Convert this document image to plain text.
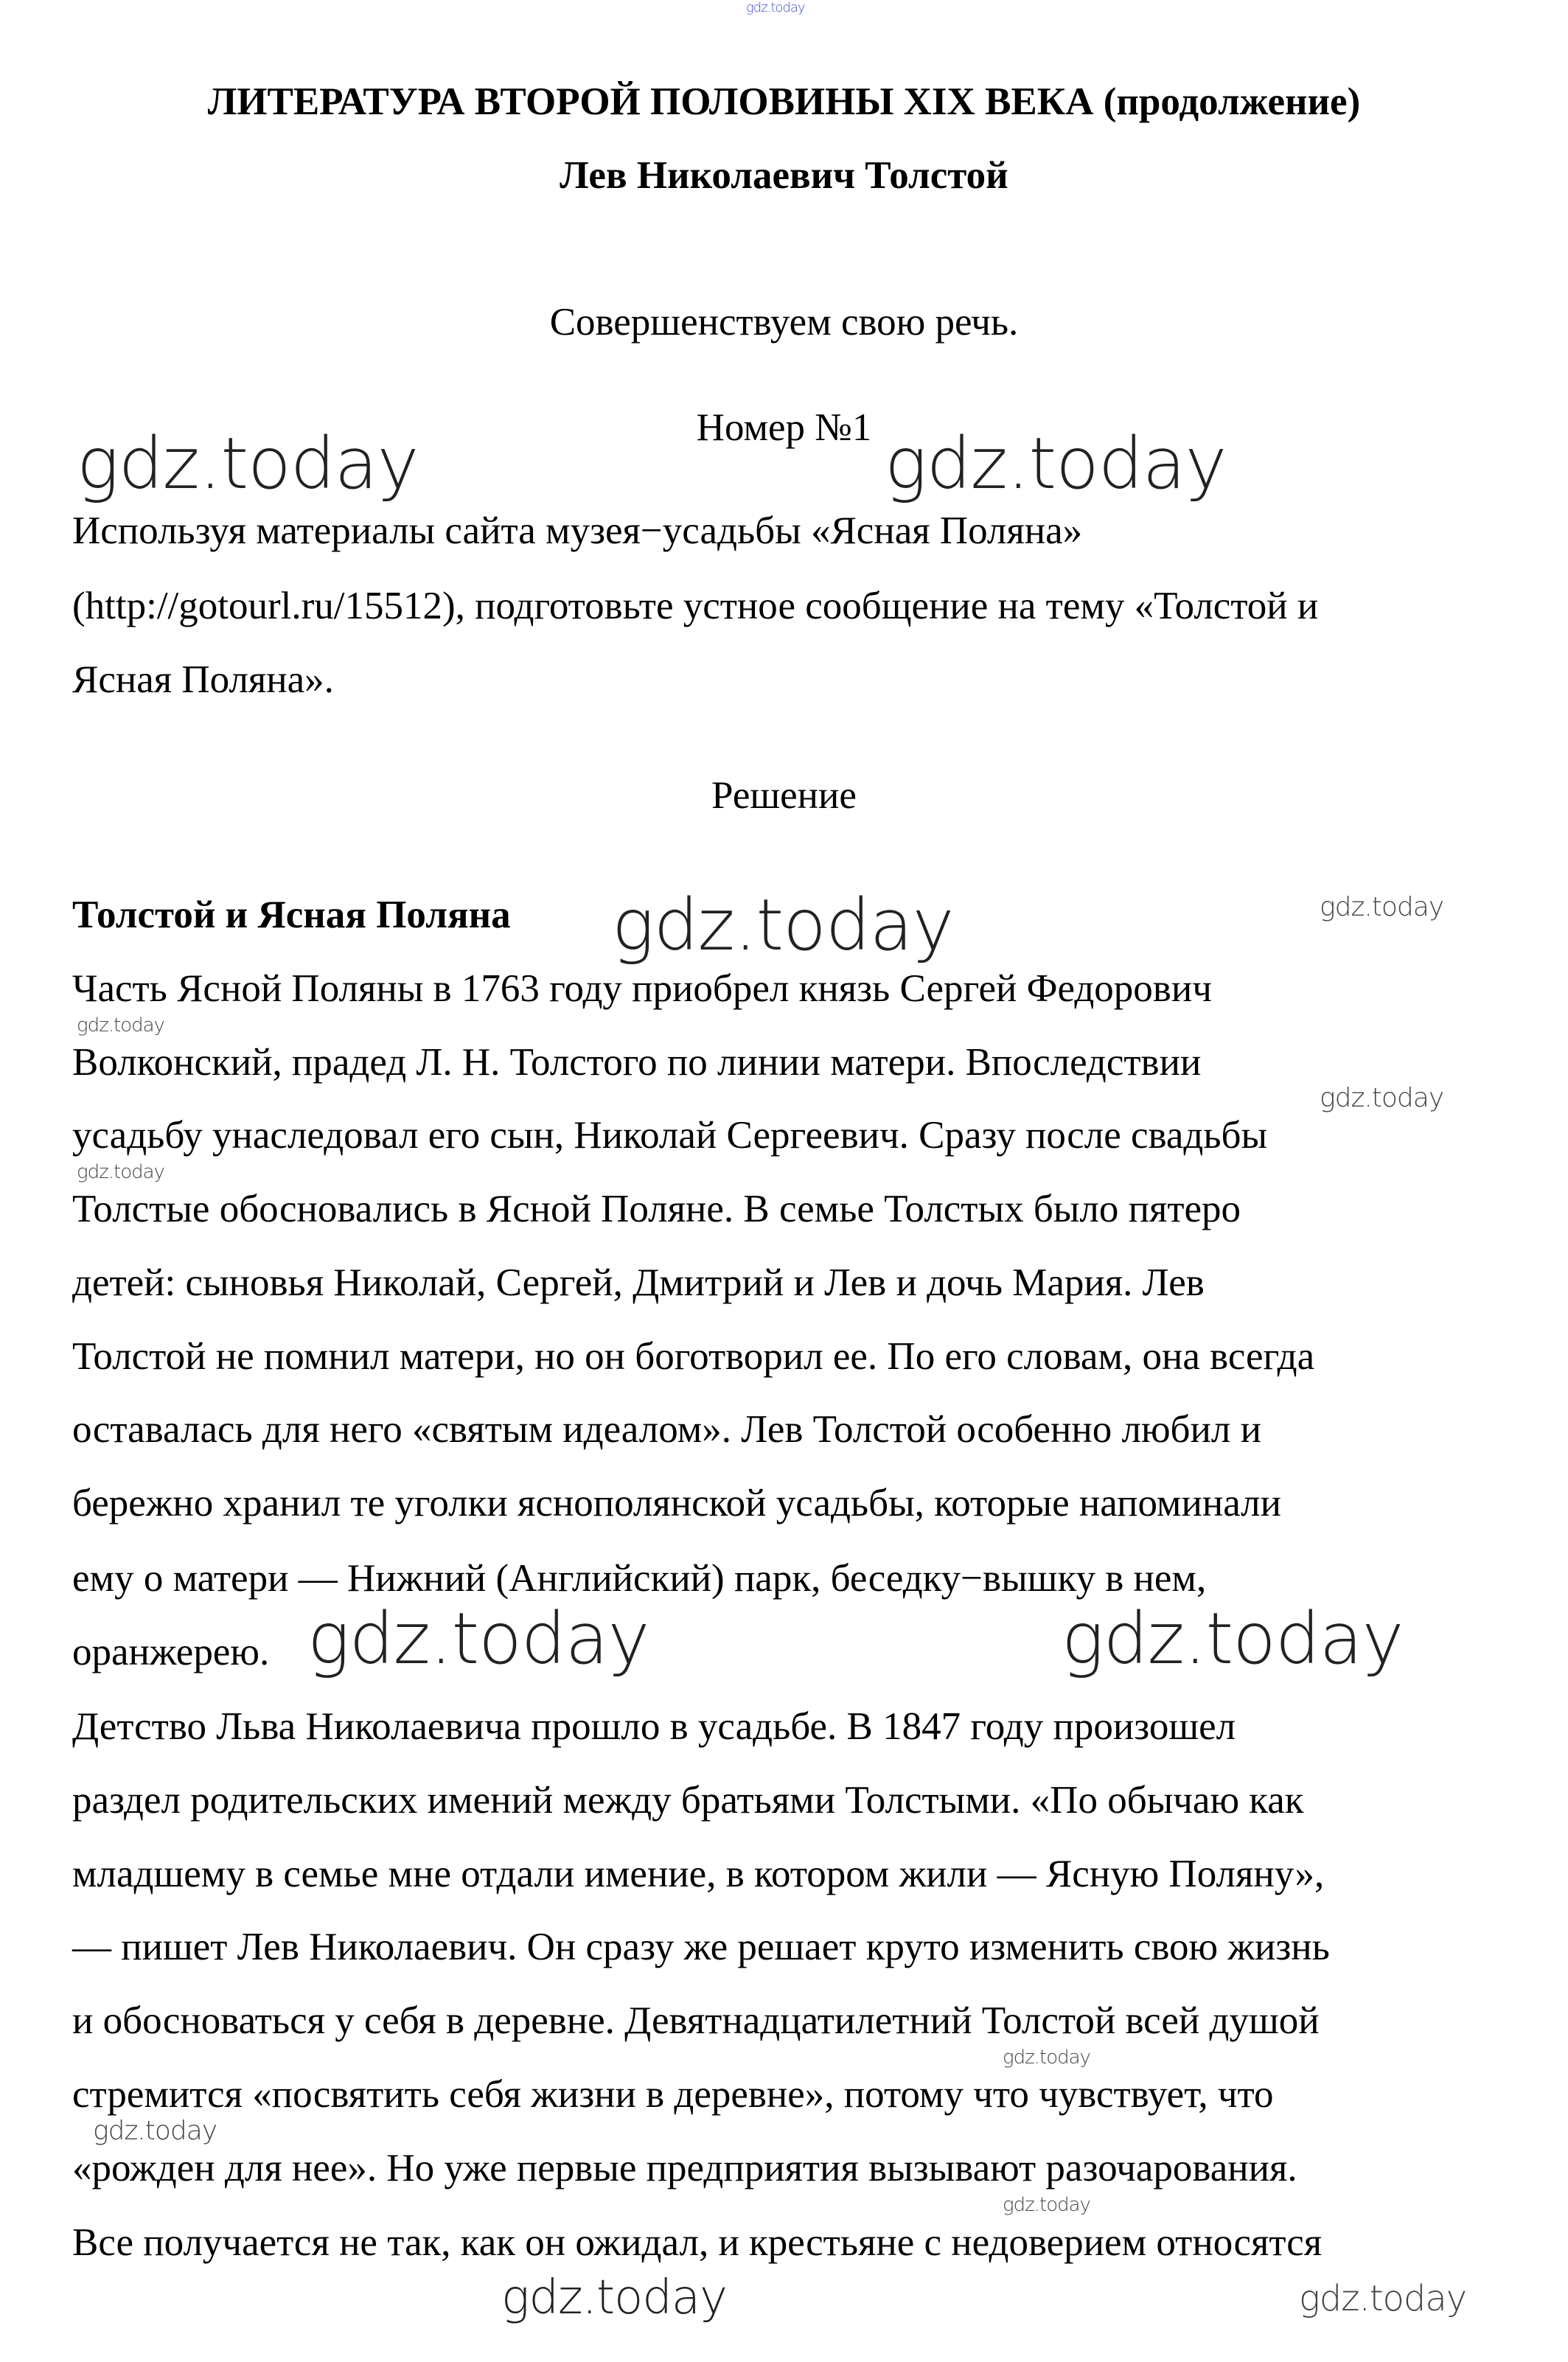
gdz.today
ЛИТЕРАТУРА ВТОРОЙ ПОЛОВИНЫ XIX ВЕКА (продолжение)
Лев Николаевич Толстой
Совершенствуем свою речь.
Номер №1
Используя материалы сайта музея−усадьбы «Ясная Поляна»
(http://gotourl.ru/15512), подготовьте устное сообщение на тему «Толстой и
Ясная Поляна».
Решение
Толстой и Ясная Поляна
Часть Ясной Поляны в 1763 году приобрел князь Сергей Федорович
Волконский, прадед Л. Н. Толстого по линии матери. Впоследствии
усадьбу унаследовал его сын, Николай Сергеевич. Сразу после свадьбы
Толстые обосновались в Ясной Поляне. В семье Толстых было пятеро
детей: сыновья Николай, Сергей, Дмитрий и Лев и дочь Мария. Лев
Толстой не помнил матери, но он боготворил ее. По его словам, она всегда
оставалась для него «святым идеалом». Лев Толстой особенно любил и
бережно хранил те уголки яснополянской усадьбы, которые напоминали
ему о матери — Нижний (Английский) парк, беседку−вышку в нем,
оранжерею.
Детство Льва Николаевича прошло в усадьбе. В 1847 году произошел
раздел родительских имений между братьями Толстыми. «По обычаю как
младшему в семье мне отдали имение, в котором жили — Ясную Поляну»,
— пишет Лев Николаевич. Он сразу же решает круто изменить свою жизнь
и обосноваться у себя в деревне. Девятнадцатилетний Толстой всей душой
стремится «посвятить себя жизни в деревне», потому что чувствует, что
«рожден для нее». Но уже первые предприятия вызывают разочарования.
Все получается не так, как он ожидал, и крестьяне с недоверием относятся
gdz.today	gdz.today
gdz.today
gdz.today	gdz.today
gdz.today
gdz.today
gdz.today
gdz.today
gdz.today
gdz.today
gdz.today
gdz.today
gdz.today
